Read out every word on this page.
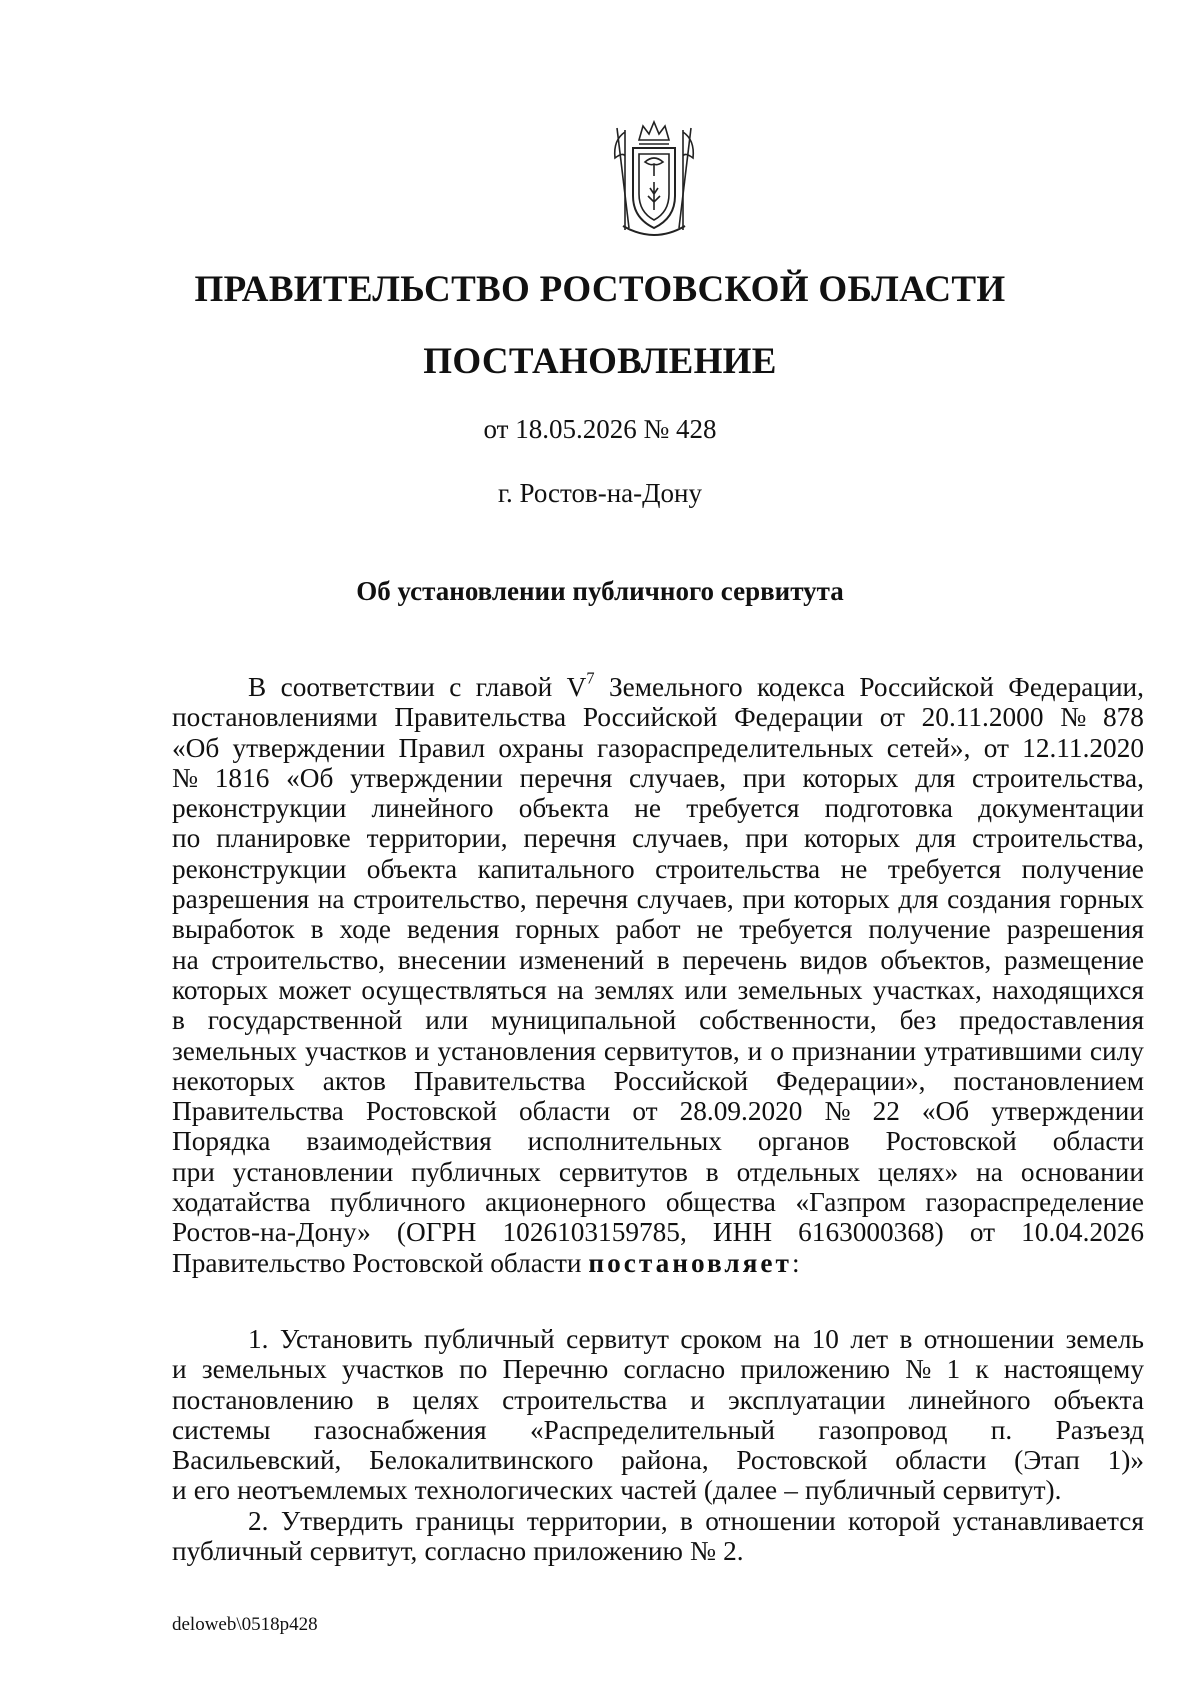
ПРАВИТЕЛЬСТВО РОСТОВСКОЙ ОБЛАСТИ
ПОСТАНОВЛЕНИЕ
от 18.05.2026 № 428
г. Ростов-на-Дону
Об установлении публичного сервитута
В соответствии с главой $V^7$ Земельного кодекса Российской Федерации,
постановлениями Правительства Российской Федерации от 20.11.2000 № 878
«Об утверждении Правил охраны газораспределительных сетей», от 12.11.2020
№ 1816 «Об утверждении перечня случаев, при которых для строительства,
реконструкции линейного объекта не требуется подготовка документации
по планировке территории, перечня случаев, при которых для строительства,
реконструкции объекта капитального строительства не требуется получение
разрешения на строительство, перечня случаев, при которых для создания горных
выработок в ходе ведения горных работ не требуется получение разрешения
на строительство, внесении изменений в перечень видов объектов, размещение
которых может осуществляться на землях или земельных участках, находящихся
в государственной или муниципальной собственности, без предоставления
земельных участков и установления сервитутов, и о признании утратившими силу
некоторых актов Правительства Российской Федерации», постановлением
Правительства Ростовской области от 28.09.2020 № 22 «Об утверждении
Порядка взаимодействия исполнительных органов Ростовской области
при установлении публичных сервитутов в отдельных целях» на основании
ходатайства публичного акционерного общества «Газпром газораспределение
Ростов-на-Дону» (ОГРН 1026103159785, ИНН 6163000368) от 10.04.2026
Правительство Ростовской области
постановляет :
1. Установить публичный сервитут сроком на 10 лет в отношении земель
и земельных участков по Перечню согласно приложению № 1 к настоящему
постановлению в целях строительства и эксплуатации линейного объекта
системы газоснабжения «Распределительный газопровод п. Разъезд
Васильевский, Белокалитвинского района, Ростовской области (Этап 1)»
и его неотъемлемых технологических частей (далее – публичный сервитут).
2. Утвердить границы территории, в отношении которой устанавливается
публичный сервитут, согласно приложению № 2.
deloweb\0518p428
